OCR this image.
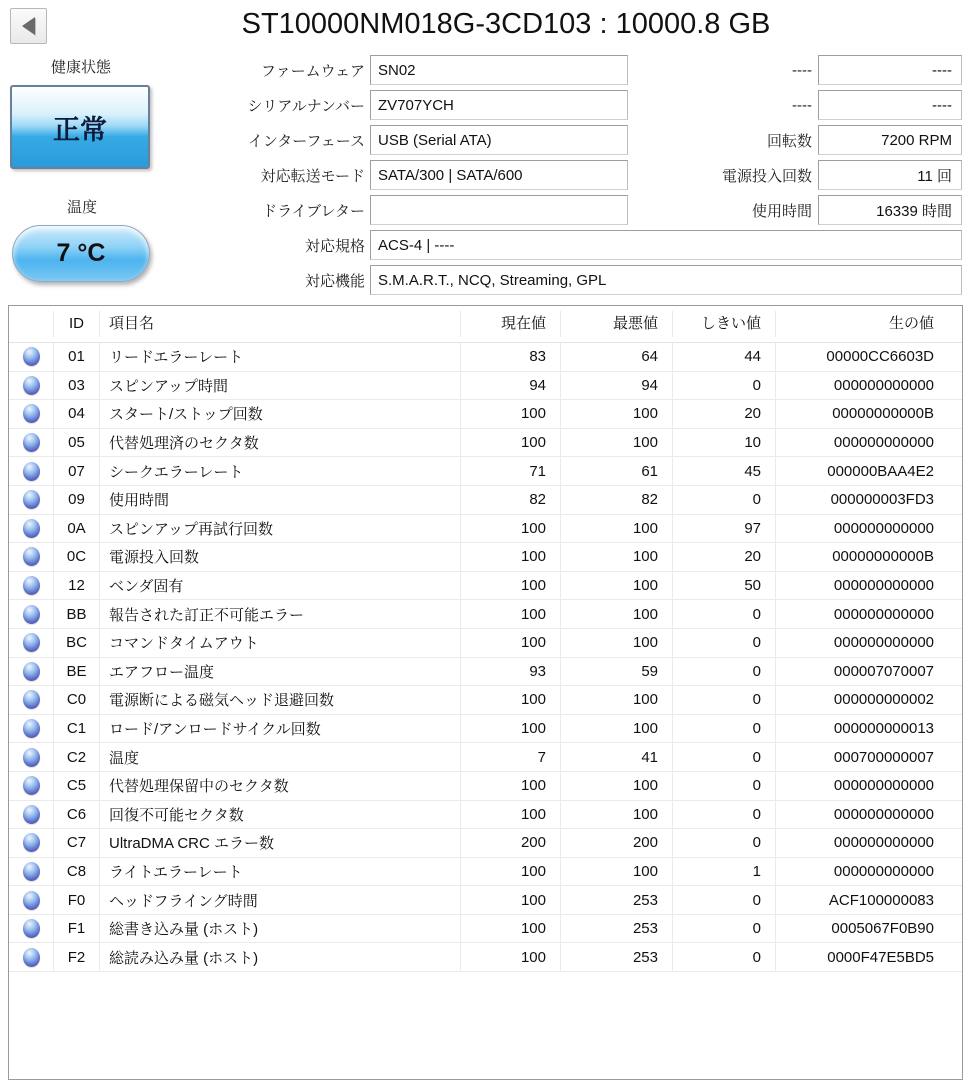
ST10000NM018G-3CD103 : 10000.8 GB
健康状態
正常
温度
7 °C
ファームウェア SN02
シリアルナンバー ZV707YCH
インターフェース USB (Serial ATA)
対応転送モード SATA/300 | SATA/600
ドライブレター
対応規格 ACS-4 | ----
対応機能 S.M.A.R.T., NCQ, Streaming, GPL
----	----
----	----
回転数	7200 RPM
電源投入回数	11 回
使用時間	16339 時間
ID	項目名	現在値	最悪値	しきい値	生の値
01	リードエラーレート	83	64	44	00000CC6603D
03	スピンアップ時間	94	94	0	000000000000
04	スタート/ストップ回数	100	100	20	00000000000B
05	代替処理済のセクタ数	100	100	10	000000000000
07	シークエラーレート	71	61	45	000000BAA4E2
09	使用時間	82	82	0	000000003FD3
0A	スピンアップ再試行回数	100	100	97	000000000000
0C	電源投入回数	100	100	20	00000000000B
12	ベンダ固有	100	100	50	000000000000
BB	報告された訂正不可能エラー	100	100	0	000000000000
BC	コマンドタイムアウト	100	100	0	000000000000
BE	エアフロー温度	93	59	0	000007070007
C0	電源断による磁気ヘッド退避回数	100	100	0	000000000002
C1	ロード/アンロードサイクル回数	100	100	0	000000000013
C2	温度	7	41	0	000700000007
C5	代替処理保留中のセクタ数	100	100	0	000000000000
C6	回復不可能セクタ数	100	100	0	000000000000
C7	UltraDMA CRC エラー数	200	200	0	000000000000
C8	ライトエラーレート	100	100	1	000000000000
F0	ヘッドフライング時間	100	253	0	ACF100000083
F1	総書き込み量 (ホスト)	100	253	0	0005067F0B90
F2	総読み込み量 (ホスト)	100	253	0	0000F47E5BD5
